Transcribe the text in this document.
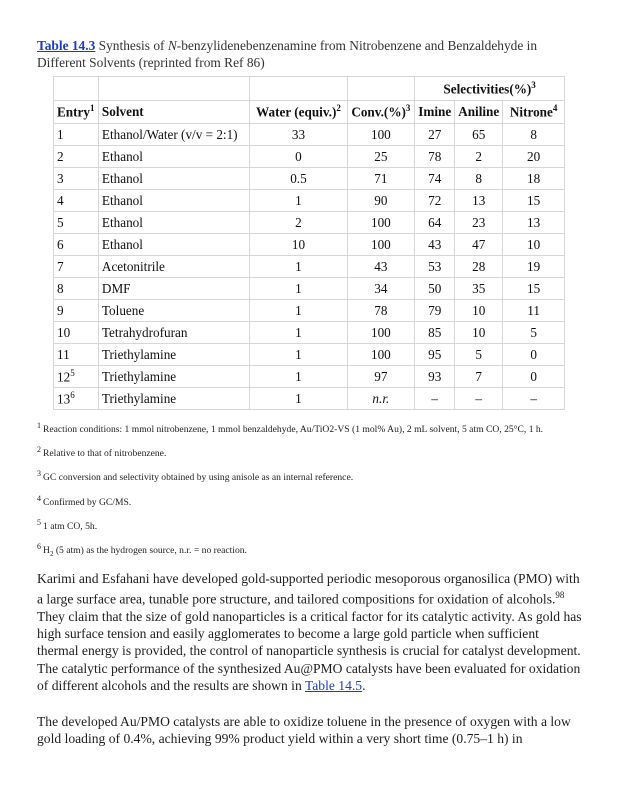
Table 14.3 Synthesis of N-benzylidenebenzenamine from Nitrobenzene and Benzaldehyde in Different Solvents (reprinted from Ref 86)
				Selectivities(%)$^3$
Entry$^1$	Solvent	Water (equiv.)$^2$	Conv.(%)$^3$	Imine	Aniline	Nitrone$^4$
1	Ethanol/Water (v/v = 2:1)	33	100	27	65	8
2	Ethanol	0	25	78	2	20
3	Ethanol	0.5	71	74	8	18
4	Ethanol	1	90	72	13	15
5	Ethanol	2	100	64	23	13
6	Ethanol	10	100	43	47	10
7	Acetonitrile	1	43	53	28	19
8	DMF	1	34	50	35	15
9	Toluene	1	78	79	10	11
10	Tetrahydrofuran	1	100	85	10	5
11	Triethylamine	1	100	95	5	0
$12^5$	Triethylamine	1	97	93	7	0
$13^6$	Triethylamine	1	n.r.	–	–	–
$^1$ Reaction conditions: 1 mmol nitrobenzene, 1 mmol benzaldehyde, Au/TiO2-VS (1 mol% Au), 2 mL solvent, 5 atm CO, 25°C, 1 h.
$^2$ Relative to that of nitrobenzene.
$^3$ GC conversion and selectivity obtained by using anisole as an internal reference.
$^4$ Confirmed by GC/MS.
$^5$ 1 atm CO, 5h.
$^6$ $H_2$ (5 atm) as the hydrogen source, n.r. = no reaction.
Karimi and Esfahani have developed gold-supported periodic mesoporous organosilica (PMO) with a large surface area, tunable pore structure, and tailored compositions for oxidation of alcohols.$^{98}$ They claim that the size of gold nanoparticles is a critical factor for its catalytic activity. As gold has high surface tension and easily agglomerates to become a large gold particle when sufficient thermal energy is provided, the control of nanoparticle synthesis is crucial for catalyst development. The catalytic performance of the synthesized Au@PMO catalysts have been evaluated for oxidation of different alcohols and the results are shown in Table 14.5.
The developed Au/PMO catalysts are able to oxidize toluene in the presence of oxygen with a low gold loading of 0.4%, achieving 99% product yield within a very short time (0.75–1 h) in
